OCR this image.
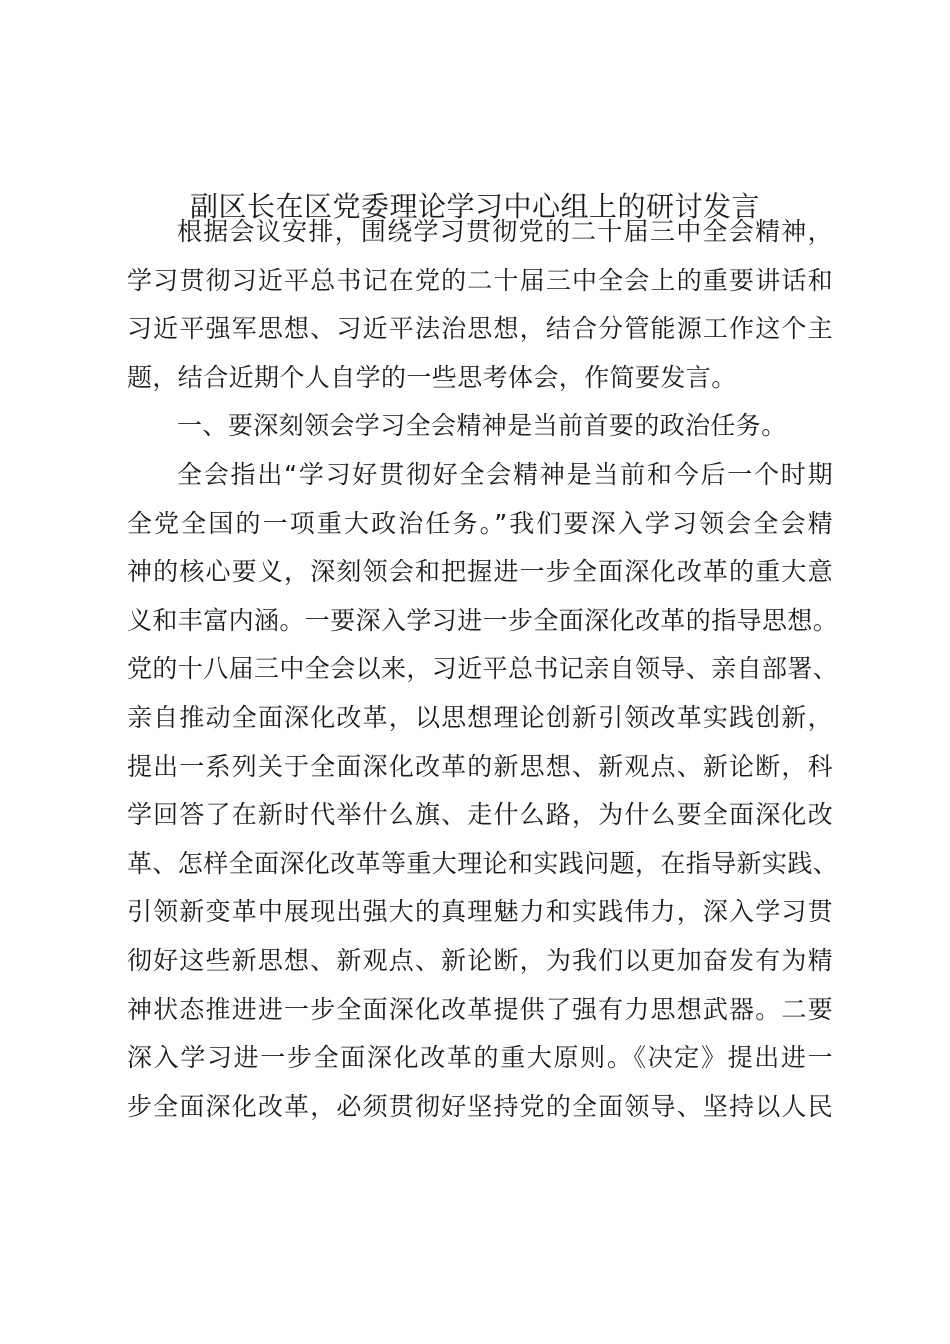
副区长在区党委理论学习中心组上的研讨发言
根据会议安排，围绕学习贯彻党的二十届三中全会精神，
学习贯彻习近平总书记在党的二十届三中全会上的重要讲话和
习近平强军思想、习近平法治思想，结合分管能源工作这个主
题，结合近期个人自学的一些思考体会，作简要发言。
一、要深刻领会学习全会精神是当前首要的政治任务。
全会指出“学习好贯彻好全会精神是当前和今后一个时期
全党全国的一项重大政治任务。”我们要深入学习领会全会精
神的核心要义，深刻领会和把握进一步全面深化改革的重大意
义和丰富内涵。一要深入学习进一步全面深化改革的指导思想。
党的十八届三中全会以来，习近平总书记亲自领导、亲自部署、
亲自推动全面深化改革，以思想理论创新引领改革实践创新，
提出一系列关于全面深化改革的新思想、新观点、新论断，科
学回答了在新时代举什么旗、走什么路，为什么要全面深化改
革、怎样全面深化改革等重大理论和实践问题，在指导新实践、
引领新变革中展现出强大的真理魅力和实践伟力，深入学习贯
彻好这些新思想、新观点、新论断，为我们以更加奋发有为精
神状态推进进一步全面深化改革提供了强有力思想武器。二要
深入学习进一步全面深化改革的重大原则。《决定》提出进一
步全面深化改革，必须贯彻好坚持党的全面领导、坚持以人民
